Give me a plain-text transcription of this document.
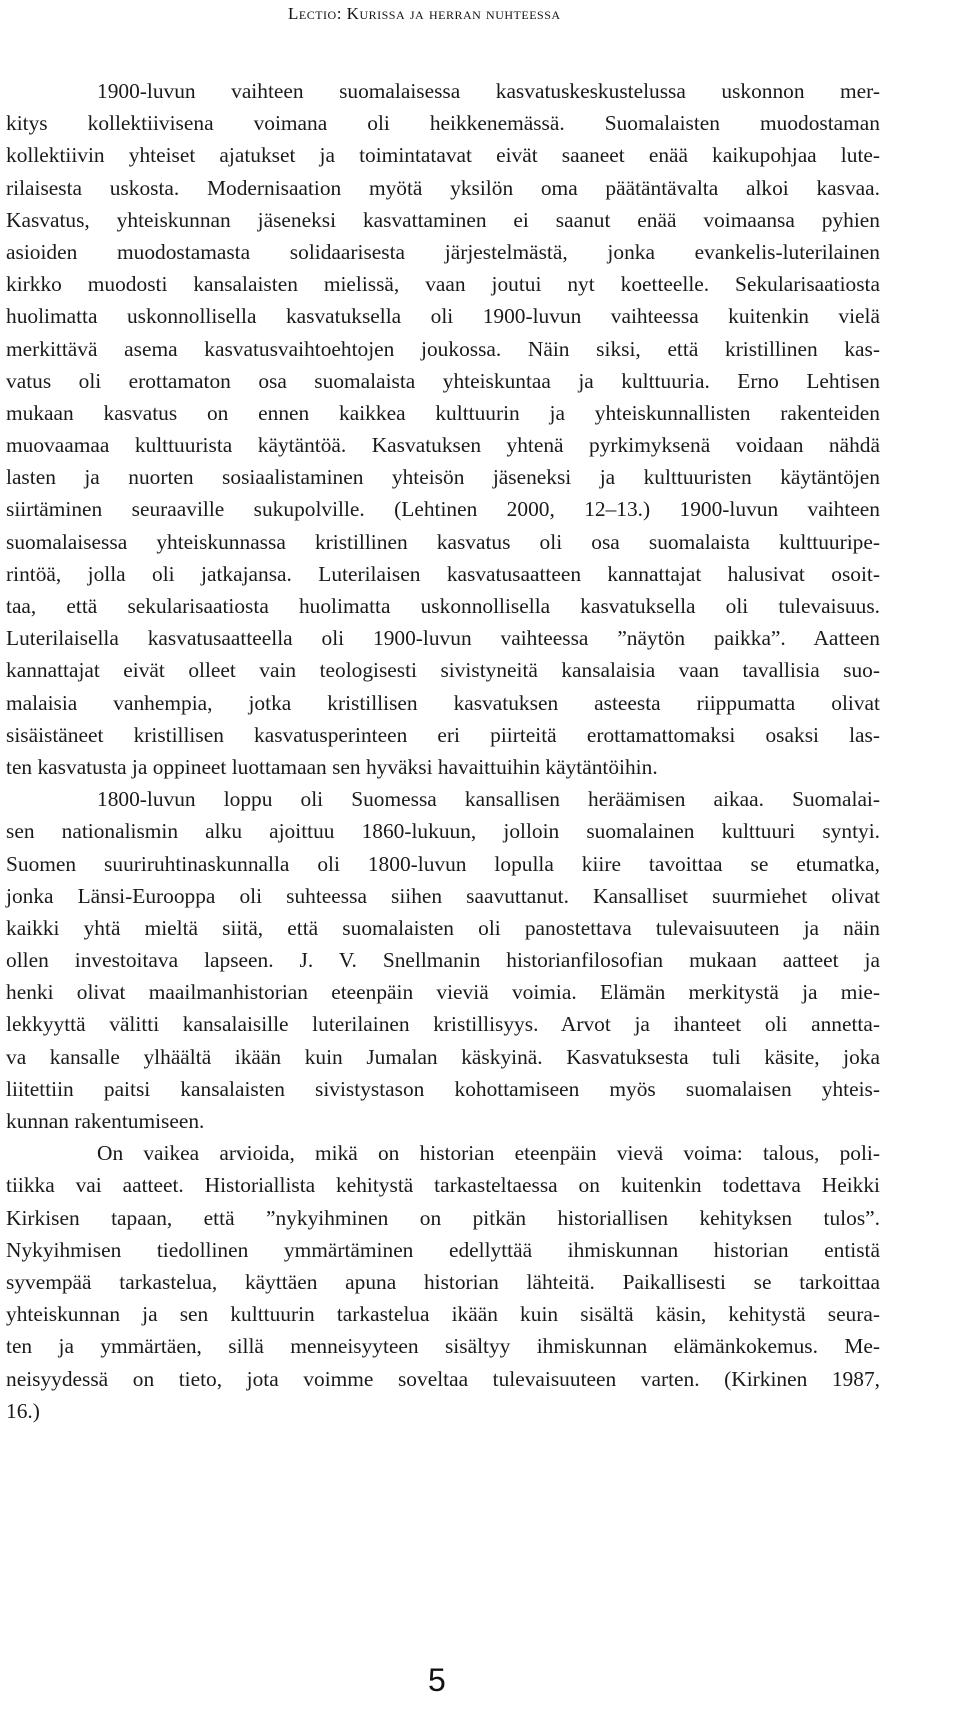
Lectio: Kurissa ja herran nuhteessa
1900-luvun vaihteen suomalaisessa kasvatuskeskustelussa uskonnon mer-
kitys kollektiivisena voimana oli heikkenemässä. Suomalaisten muodostaman
kollektiivin yhteiset ajatukset ja toimintatavat eivät saaneet enää kaikupohjaa lute-
rilaisesta uskosta. Modernisaation myötä yksilön oma päätäntävalta alkoi kasvaa.
Kasvatus, yhteiskunnan jäseneksi kasvattaminen ei saanut enää voimaansa pyhien
asioiden muodostamasta solidaarisesta järjestelmästä, jonka evankelis-luterilainen
kirkko muodosti kansalaisten mielissä, vaan joutui nyt koetteelle. Sekularisaatiosta
huolimatta uskonnollisella kasvatuksella oli 1900-luvun vaihteessa kuitenkin vielä
merkittävä asema kasvatusvaihtoehtojen joukossa. Näin siksi, että kristillinen kas-
vatus oli erottamaton osa suomalaista yhteiskuntaa ja kulttuuria. Erno Lehtisen
mukaan kasvatus on ennen kaikkea kulttuurin ja yhteiskunnallisten rakenteiden
muovaamaa kulttuurista käytäntöä. Kasvatuksen yhtenä pyrkimyksenä voidaan nähdä
lasten ja nuorten sosiaalistaminen yhteisön jäseneksi ja kulttuuristen käytäntöjen
siirtäminen seuraaville sukupolville. (Lehtinen 2000, 12–13.) 1900-luvun vaihteen
suomalaisessa yhteiskunnassa kristillinen kasvatus oli osa suomalaista kulttuuripe-
rintöä, jolla oli jatkajansa. Luterilaisen kasvatusaatteen kannattajat halusivat osoit-
taa, että sekularisaatiosta huolimatta uskonnollisella kasvatuksella oli tulevaisuus.
Luterilaisella kasvatusaatteella oli 1900-luvun vaihteessa ”näytön paikka”. Aatteen
kannattajat eivät olleet vain teologisesti sivistyneitä kansalaisia vaan tavallisia suo-
malaisia vanhempia, jotka kristillisen kasvatuksen asteesta riippumatta olivat
sisäistäneet kristillisen kasvatusperinteen eri piirteitä erottamattomaksi osaksi las-
ten kasvatusta ja oppineet luottamaan sen hyväksi havaittuihin käytäntöihin.
1800-luvun loppu oli Suomessa kansallisen heräämisen aikaa. Suomalai-
sen nationalismin alku ajoittuu 1860-lukuun, jolloin suomalainen kulttuuri syntyi.
Suomen suuriruhtinaskunnalla oli 1800-luvun lopulla kiire tavoittaa se etumatka,
jonka Länsi-Eurooppa oli suhteessa siihen saavuttanut. Kansalliset suurmiehet olivat
kaikki yhtä mieltä siitä, että suomalaisten oli panostettava tulevaisuuteen ja näin
ollen investoitava lapseen. J. V. Snellmanin historianfilosofian mukaan aatteet ja
henki olivat maailmanhistorian eteenpäin vieviä voimia. Elämän merkitystä ja mie-
lekkyyttä välitti kansalaisille luterilainen kristillisyys. Arvot ja ihanteet oli annetta-
va kansalle ylhäältä ikään kuin Jumalan käskyinä. Kasvatuksesta tuli käsite, joka
liitettiin paitsi kansalaisten sivistystason kohottamiseen myös suomalaisen yhteis-
kunnan rakentumiseen.
On vaikea arvioida, mikä on historian eteenpäin vievä voima: talous, poli-
tiikka vai aatteet. Historiallista kehitystä tarkasteltaessa on kuitenkin todettava Heikki
Kirkisen tapaan, että ”nykyihminen on pitkän historiallisen kehityksen tulos”.
Nykyihmisen tiedollinen ymmärtäminen edellyttää ihmiskunnan historian entistä
syvempää tarkastelua, käyttäen apuna historian lähteitä. Paikallisesti se tarkoittaa
yhteiskunnan ja sen kulttuurin tarkastelua ikään kuin sisältä käsin, kehitystä seura-
ten ja ymmärtäen, sillä menneisyyteen sisältyy ihmiskunnan elämänkokemus. Me-
neisyydessä on tieto, jota voimme soveltaa tulevaisuuteen varten. (Kirkinen 1987,
16.)
5
